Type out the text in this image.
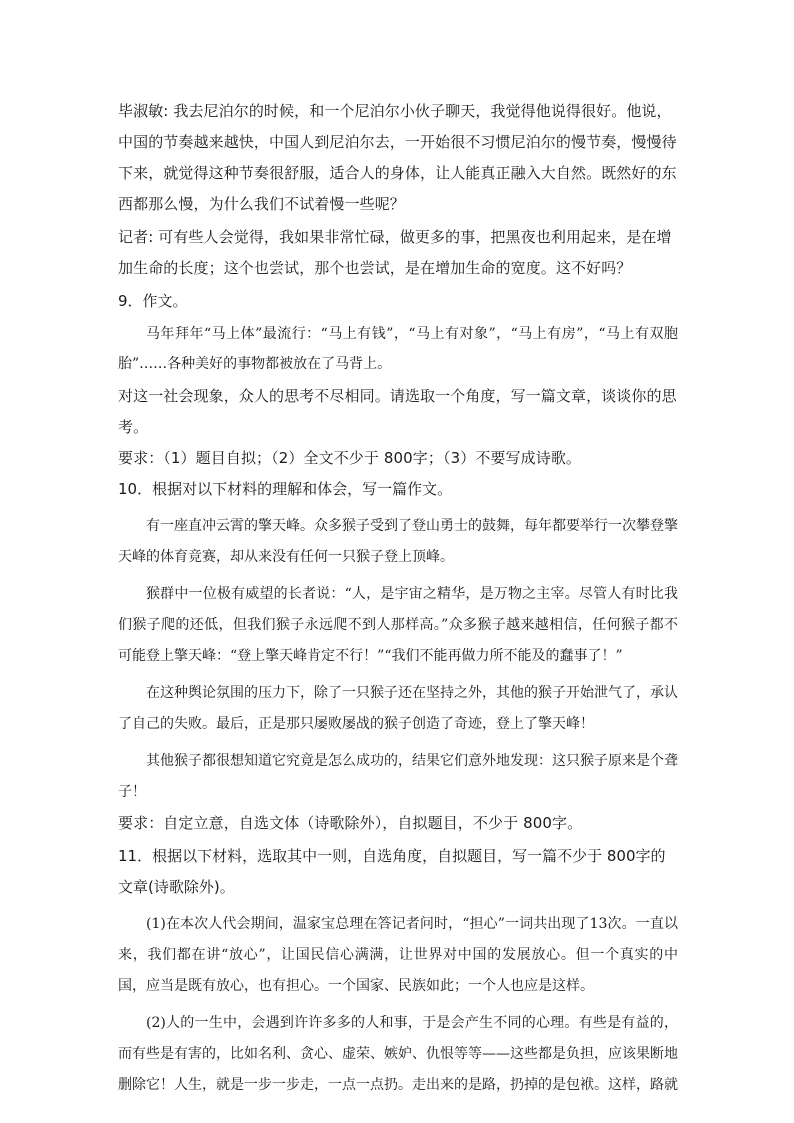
毕淑敏: 我去尼泊尔的时候，和一个尼泊尔小伙子聊天，我觉得他说得很好。他说，中国的节奏越来越快，中国人到尼泊尔去，一开始很不习惯尼泊尔的慢节奏，慢慢待下来，就觉得这种节奏很舒服，适合人的身体，让人能真正融入大自然。既然好的东西都那么慢，为什么我们不试着慢一些呢？

记者: 可有些人会觉得，我如果非常忙碌，做更多的事，把黑夜也利用起来，是在增加生命的长度；这个也尝试，那个也尝试，是在增加生命的宽度。这不好吗？

9．作文。

马年拜年“马上体”最流行：“马上有钱”，“马上有对象”，“马上有房”，“马上有双胞胎”……各种美好的事物都被放在了马背上。

对这一社会现象，众人的思考不尽相同。请选取一个角度，写一篇文章，谈谈你的思考。

要求：（1）题目自拟；（2）全文不少于 800字；（3）不要写成诗歌。

10．根据对以下材料的理解和体会，写一篇作文。

有一座直冲云霄的擎天峰。众多猴子受到了登山勇士的鼓舞，每年都要举行一次攀登擎天峰的体育竞赛，却从来没有任何一只猴子登上顶峰。

猴群中一位极有威望的长者说：“人，是宇宙之精华，是万物之主宰。尽管人有时比我们猴子爬的还低，但我们猴子永远爬不到人那样高。”众多猴子越来越相信，任何猴子都不可能登上擎天峰：“登上擎天峰肯定不行！”“我们不能再做力所不能及的蠢事了！”

在这种舆论氛围的压力下，除了一只猴子还在坚持之外，其他的猴子开始泄气了，承认了自己的失败。最后，正是那只屡败屡战的猴子创造了奇迹，登上了擎天峰！

其他猴子都很想知道它究竟是怎么成功的，结果它们意外地发现：这只猴子原来是个聋子！

要求：自定立意，自选文体（诗歌除外），自拟题目，不少于 800字。

11．根据以下材料，选取其中一则，自选角度，自拟题目，写一篇不少于 800字的文章(诗歌除外)。

(1)在本次人代会期间，温家宝总理在答记者问时，“担心”一词共出现了13次。一直以来，我们都在讲“放心”，让国民信心满满，让世界对中国的发展放心。但一个真实的中国，应当是既有放心，也有担心。一个国家、民族如此；一个人也应是这样。

(2)人的一生中，会遇到许许多多的人和事，于是会产生不同的心理。有些是有益的，而有些是有害的，比如名利、贪心、虚荣、嫉妒、仇恨等等——这些都是负担，应该果断地删除它！人生，就是一步一步走，一点一点扔。走出来的是路，扔掉的是包袱。这样，路就
